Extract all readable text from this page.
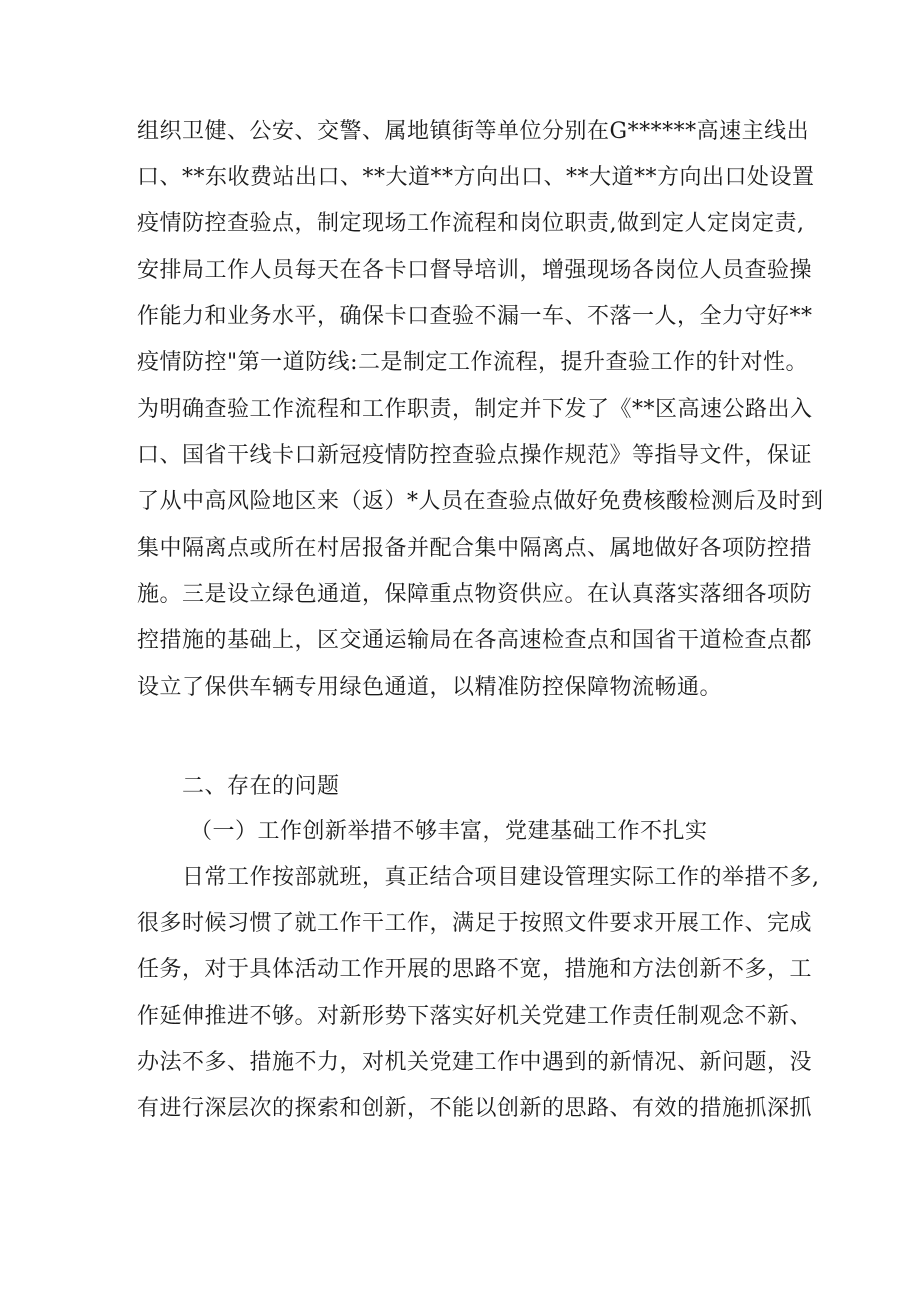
组织卫健、公安、交警、属地镇街等单位分别在G******高速主线出
口、**东收费站出口、**大道**方向出口、**大道**方向出口处设置
疫情防控查验点，制定现场工作流程和岗位职责,做到定人定岗定责,
安排局工作人员每天在各卡口督导培训，增强现场各岗位人员查验操
作能力和业务水平，确保卡口查验不漏一车、不落一人，全力守好**
疫情防控"第一道防线:二是制定工作流程，提升查验工作的针对性。
为明确查验工作流程和工作职责，制定并下发了《**区高速公路出入
口、国省干线卡口新冠疫情防控查验点操作规范》等指导文件，保证
了从中高风险地区来（返）*人员在查验点做好免费核酸检测后及时到
集中隔离点或所在村居报备并配合集中隔离点、属地做好各项防控措
施。三是设立绿色通道，保障重点物资供应。在认真落实落细各项防
控措施的基础上，区交通运输局在各高速检查点和国省干道检查点都
设立了保供车辆专用绿色通道，以精准防控保障物流畅通。
二、存在的问题
（一）工作创新举措不够丰富，党建基础工作不扎实
日常工作按部就班，真正结合项目建设管理实际工作的举措不多,
很多时候习惯了就工作干工作，满足于按照文件要求开展工作、完成
任务，对于具体活动工作开展的思路不宽，措施和方法创新不多，工
作延伸推进不够。对新形势下落实好机关党建工作责任制观念不新、
办法不多、措施不力，对机关党建工作中遇到的新情况、新问题，没
有进行深层次的探索和创新，不能以创新的思路、有效的措施抓深抓
